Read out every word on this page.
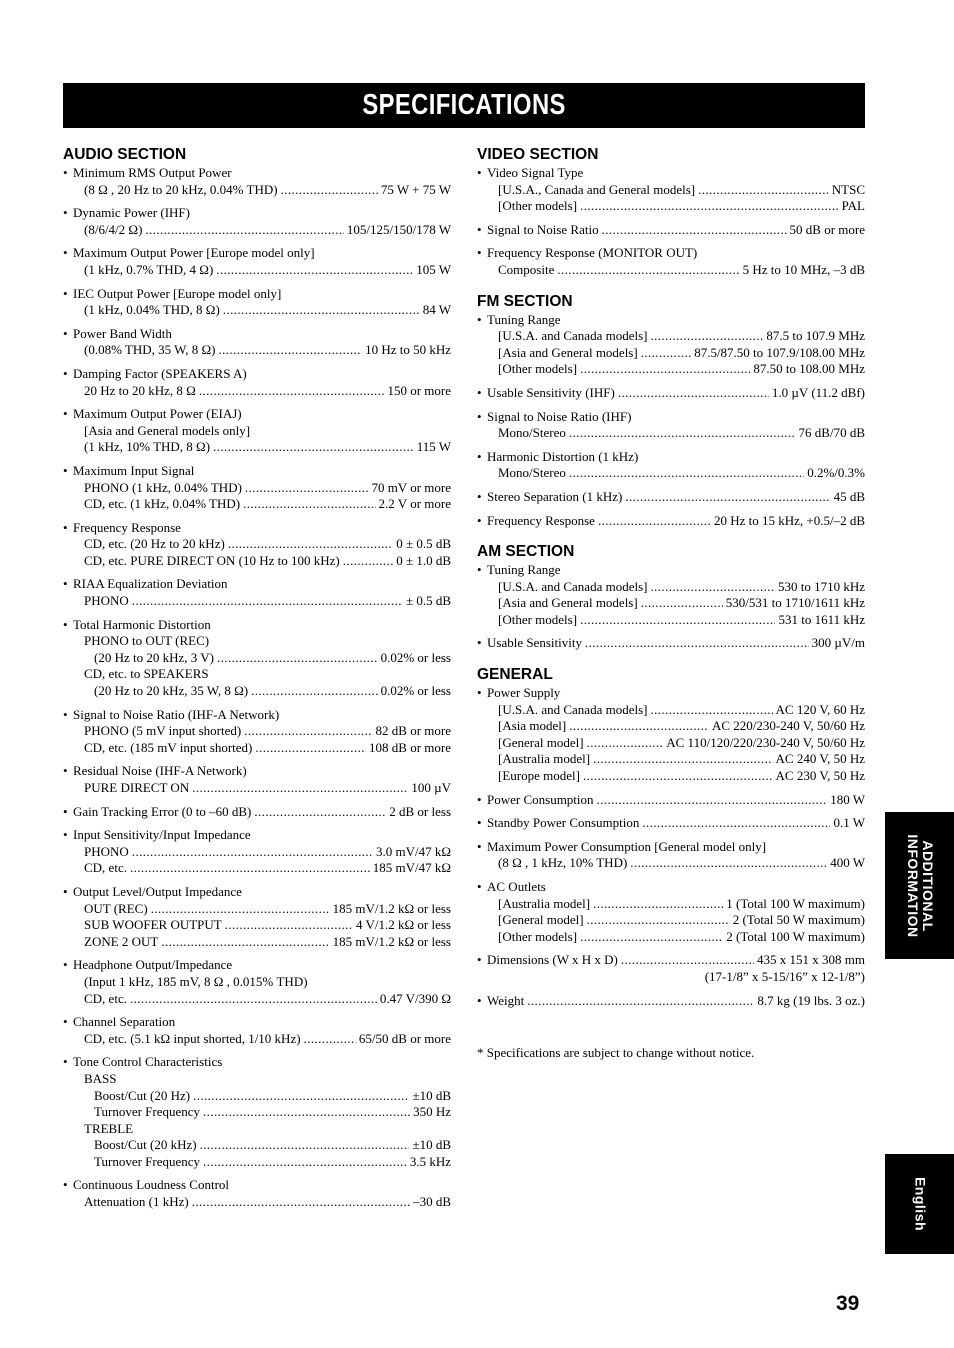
SPECIFICATIONS
AUDIO SECTION
• Minimum RMS Output Power
(8 Ω , 20 Hz to 20 kHz, 0.04% THD) .....	75 W + 75 W
• Dynamic Power (IHF)
(8/6/4/2 Ω) .....	105/125/150/178 W
• Maximum Output Power [Europe model only]
(1 kHz, 0.7% THD, 4 Ω) .....	105 W
• IEC Output Power [Europe model only]
(1 kHz, 0.04% THD, 8 Ω) .....	84 W
• Power Band Width
(0.08% THD, 35 W, 8 Ω) .....	10 Hz to 50 kHz
• Damping Factor (SPEAKERS A)
20 Hz to 20 kHz, 8 Ω .....	150 or more
• Maximum Output Power (EIAJ)
[Asia and General models only]
(1 kHz, 10% THD, 8 Ω) .....	115 W
• Maximum Input Signal
PHONO (1 kHz, 0.04% THD) .....	70 mV or more
CD, etc. (1 kHz, 0.04% THD) .....	2.2 V or more
• Frequency Response
CD, etc. (20 Hz to 20 kHz) .....	0 ± 0.5 dB
CD, etc. PURE DIRECT ON (10 Hz to 100 kHz) .....	0 ± 1.0 dB
• RIAA Equalization Deviation
PHONO .....	± 0.5 dB
• Total Harmonic Distortion
PHONO to OUT (REC)
(20 Hz to 20 kHz, 3 V) .....	0.02% or less
CD, etc. to SPEAKERS
(20 Hz to 20 kHz, 35 W, 8 Ω) .....	0.02% or less
• Signal to Noise Ratio (IHF-A Network)
PHONO (5 mV input shorted) .....	82 dB or more
CD, etc. (185 mV input shorted) .....	108 dB or more
• Residual Noise (IHF-A Network)
PURE DIRECT ON .....	100 µV
• Gain Tracking Error (0 to –60 dB) .....	2 dB or less
• Input Sensitivity/Input Impedance
PHONO .....	3.0 mV/47 kΩ
CD, etc. .....	185 mV/47 kΩ
• Output Level/Output Impedance
OUT (REC) .....	185 mV/1.2 kΩ or less
SUB WOOFER OUTPUT .....	4 V/1.2 kΩ or less
ZONE 2 OUT .....	185 mV/1.2 kΩ or less
• Headphone Output/Impedance
(Input 1 kHz, 185 mV, 8 Ω , 0.015% THD)
CD, etc. .....	0.47 V/390 Ω
• Channel Separation
CD, etc. (5.1 kΩ input shorted, 1/10 kHz) .....	65/50 dB or more
• Tone Control Characteristics
BASS
Boost/Cut (20 Hz) .....	±10 dB
Turnover Frequency .....	350 Hz
TREBLE
Boost/Cut (20 kHz) .....	±10 dB
Turnover Frequency .....	3.5 kHz
• Continuous Loudness Control
Attenuation (1 kHz) .....	–30 dB
VIDEO SECTION
• Video Signal Type
[U.S.A., Canada and General models] .....	NTSC
[Other models] .....	PAL
• Signal to Noise Ratio .....	50 dB or more
• Frequency Response (MONITOR OUT)
Composite .....	5 Hz to 10 MHz, –3 dB
FM SECTION
• Tuning Range
[U.S.A. and Canada models] .....	87.5 to 107.9 MHz
[Asia and General models] .....	87.5/87.50 to 107.9/108.00 MHz
[Other models] .....	87.50 to 108.00 MHz
• Usable Sensitivity (IHF) .....	1.0 µV (11.2 dBf)
• Signal to Noise Ratio (IHF)
Mono/Stereo .....	76 dB/70 dB
• Harmonic Distortion (1 kHz)
Mono/Stereo .....	0.2%/0.3%
• Stereo Separation (1 kHz) .....	45 dB
• Frequency Response .....	20 Hz to 15 kHz, +0.5/–2 dB
AM SECTION
• Tuning Range
[U.S.A. and Canada models] .....	530 to 1710 kHz
[Asia and General models] .....	530/531 to 1710/1611 kHz
[Other models] .....	531 to 1611 kHz
• Usable Sensitivity .....	300 µV/m
GENERAL
• Power Supply
[U.S.A. and Canada models] .....	AC 120 V, 60 Hz
[Asia model] .....	AC 220/230-240 V, 50/60 Hz
[General model] .....	AC 110/120/220/230-240 V, 50/60 Hz
[Australia model] .....	AC 240 V, 50 Hz
[Europe model] .....	AC 230 V, 50 Hz
• Power Consumption .....	180 W
• Standby Power Consumption .....	0.1 W
• Maximum Power Consumption [General model only]
(8 Ω , 1 kHz, 10% THD) .....	400 W
• AC Outlets
[Australia model] .....	1 (Total 100 W maximum)
[General model] .....	2 (Total 50 W maximum)
[Other models] .....	2 (Total 100 W maximum)
• Dimensions (W x H x D) .....	435 x 151 x 308 mm
(17-1/8” x 5-15/16” x 12-1/8”)
• Weight .....	8.7 kg (19 lbs. 3 oz.)
* Specifications are subject to change without notice.
ADDITIONAL
INFORMATION
English
39
